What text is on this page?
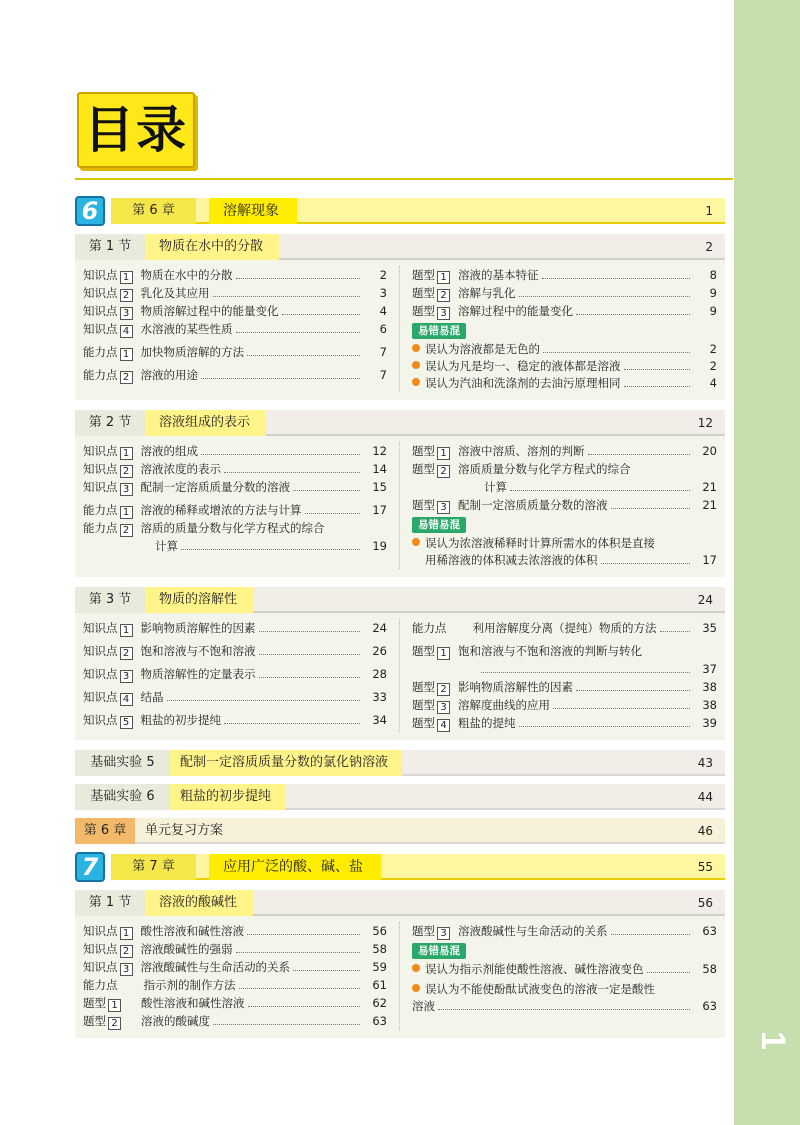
1
目录
6	第 6 章	溶解现象	1
第 1 节	物质在水中的分散	2
知识点 1 物质在水中的分散	2
知识点 2 乳化及其应用	3
知识点 3 物质溶解过程中的能量变化	4
知识点 4 水溶液的某些性质	6
能力点 1 加快物质溶解的方法	7
能力点 2 溶液的用途	7
题型 1 溶液的基本特征	8
题型 2 溶解与乳化	9
题型 3 溶解过程中的能量变化	9
易错易混
误认为溶液都是无色的	2
误认为凡是均一、稳定的液体都是溶液	2
误认为汽油和洗涤剂的去油污原理相同	4
第 2 节	溶液组成的表示	12
知识点 1 溶液的组成	12
知识点 2 溶液浓度的表示	14
知识点 3 配制一定溶质质量分数的溶液	15
能力点 1 溶液的稀释或增浓的方法与计算	17
能力点 2 溶质的质量分数与化学方程式的综合
计算	19
题型 1 溶液中溶质、溶剂的判断	20
题型 2 溶质质量分数与化学方程式的综合
计算	21
题型 3 配制一定溶质质量分数的溶液	21
易错易混
误认为浓溶液稀释时计算所需水的体积是直接
用稀溶液的体积减去浓溶液的体积	17
第 3 节	物质的溶解性	24
知识点 1 影响物质溶解性的因素	24
知识点 2 饱和溶液与不饱和溶液	26
知识点 3 物质溶解性的定量表示	28
知识点 4 结晶	33
知识点 5 粗盐的初步提纯	34
能力点	利用溶解度分离（提纯）物质的方法	35
题型 1 饱和溶液与不饱和溶液的判断与转化
37
题型 2 影响物质溶解性的因素	38
题型 3 溶解度曲线的应用	38
题型 4 粗盐的提纯	39
基础实验 5	配制一定溶质质量分数的氯化钠溶液	43
基础实验 6	粗盐的初步提纯	44
第 6 章	单元复习方案	46
7	第 7 章	应用广泛的酸、碱、盐	55
第 1 节	溶液的酸碱性	56
知识点 1 酸性溶液和碱性溶液	56
知识点 2 溶液酸碱性的强弱	58
知识点 3 溶液酸碱性与生命活动的关系	59
能力点	指示剂的制作方法	61
题型 1	酸性溶液和碱性溶液	62
题型 2	溶液的酸碱度	63
题型 3 溶液酸碱性与生命活动的关系	63
易错易混
误认为指示剂能使酸性溶液、碱性溶液变色	58
误认为不能使酚酞试液变色的溶液一定是酸性
溶液	63
